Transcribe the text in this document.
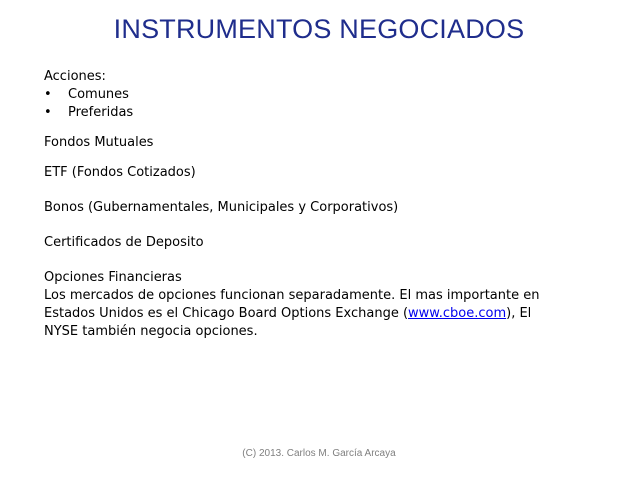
INSTRUMENTOS NEGOCIADOS

Acciones:

• Comunes
• Preferidas

Fondos Mutuales

ETF (Fondos Cotizados)

Bonos (Gubernamentales, Municipales y Corporativos)

Certificados de Deposito

Opciones Financieras

Los mercados de opciones funcionan separadamente. El mas importante en Estados Unidos es el Chicago Board Options Exchange (www.cboe.com), El NYSE también negocia opciones.

(C) 2013. Carlos M. García Arcaya
